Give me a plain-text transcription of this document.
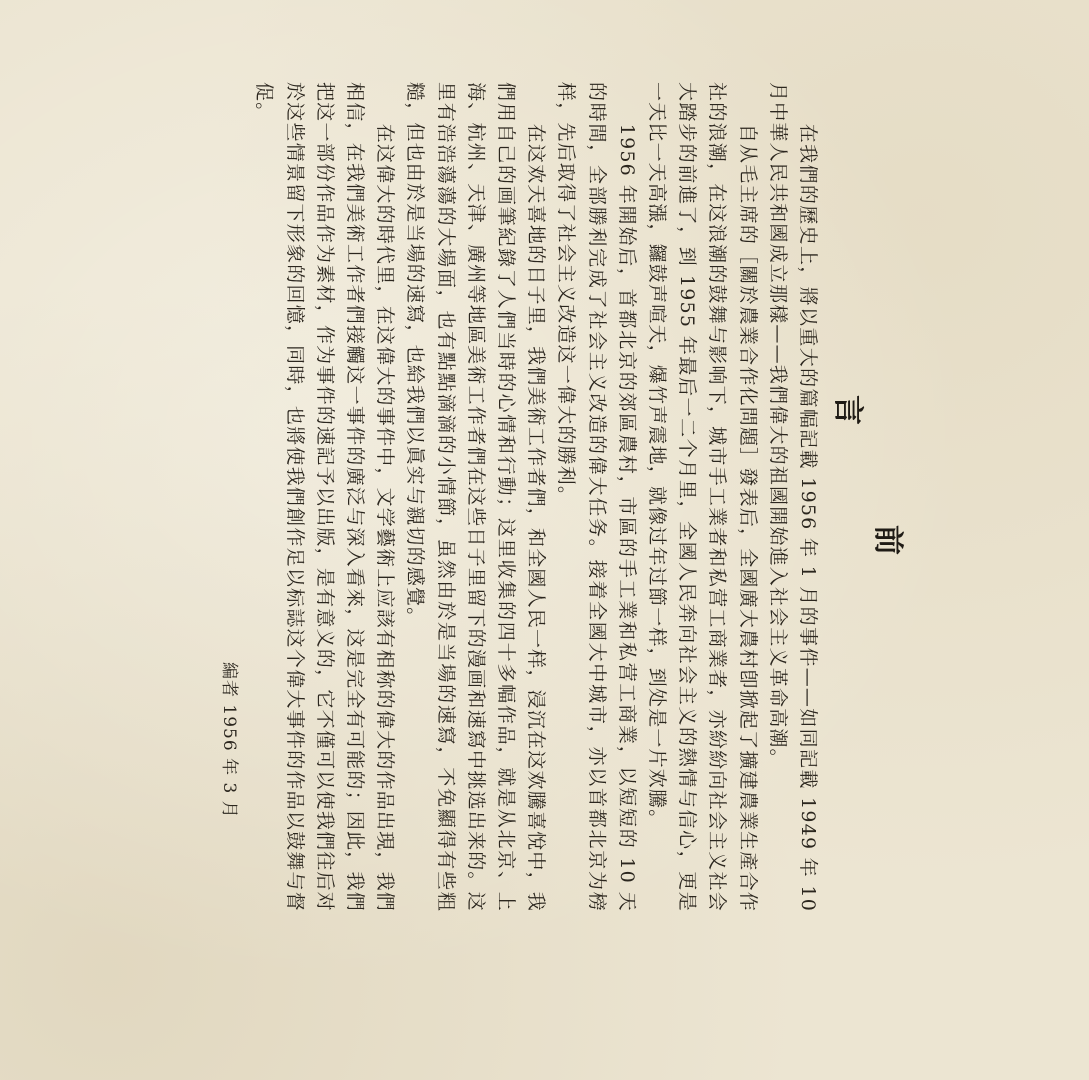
前 言

在我們的歷史上，將以重大的篇幅記載 1956 年 1 月的事件——如同記載 1949 年 10 月中華人民共和國成立那樣——我們偉大的祖國開始進入社会主义革命高潮。

自从毛主席的［關於農業合作化問題］發表后，全國廣大農村卽掀起了擴建農業生產合作社的浪潮，在这浪潮的鼓舞与影响下，城市手工業者和私营工商業者，亦紛紛向社会主义社会大踏步的前進了，到 1955 年最后一二个月里，全國人民奔向社会主义的熱情与信心，更是一天比一天高漲，鑼鼓声喧天，爆竹声震地，就像过年过節一样，到处是一片欢騰。

1956 年開始后，首都北京的郊區農村，市區的手工業和私营工商業，以短短的 10 天的時間，全部勝利完成了社会主义改造的偉大任务。接着全國大中城市，亦以首都北京为榜样，先后取得了社会主义改造这一偉大的勝利。

在这欢天喜地的日子里，我們美術工作者們，和全國人民一样，浸沉在这欢騰喜悅中，我們用自己的画筆紀錄了人們当時的心情和行動；这里收集的四十多幅作品，就是从北京、上海、杭州、天津、廣州等地區美術工作者們在这些日子里留下的漫画和速寫中挑选出来的。这里有浩浩蕩蕩的大場面，也有點點滴滴的小情節，虽然由於是当場的速寫，不免顯得有些粗糙，但也由於是当場的速寫，也給我們以眞实与親切的感覺。

在这偉大的時代里，在这偉大的事件中，文学藝術上应該有相称的偉大的作品出現，我們相信，在我們美術工作者們接觸这一事件的廣泛与深入看來，这是完全有可能的；因此，我們把这一部份作品作为素材，作为事件的速記予以出版，是有意义的，它不僅可以使我們往后对於这些情景留下形象的回憶，同時，也將使我們創作足以标誌这个偉大事件的作品以鼓舞与督促。

編者 1956 年 3 月
